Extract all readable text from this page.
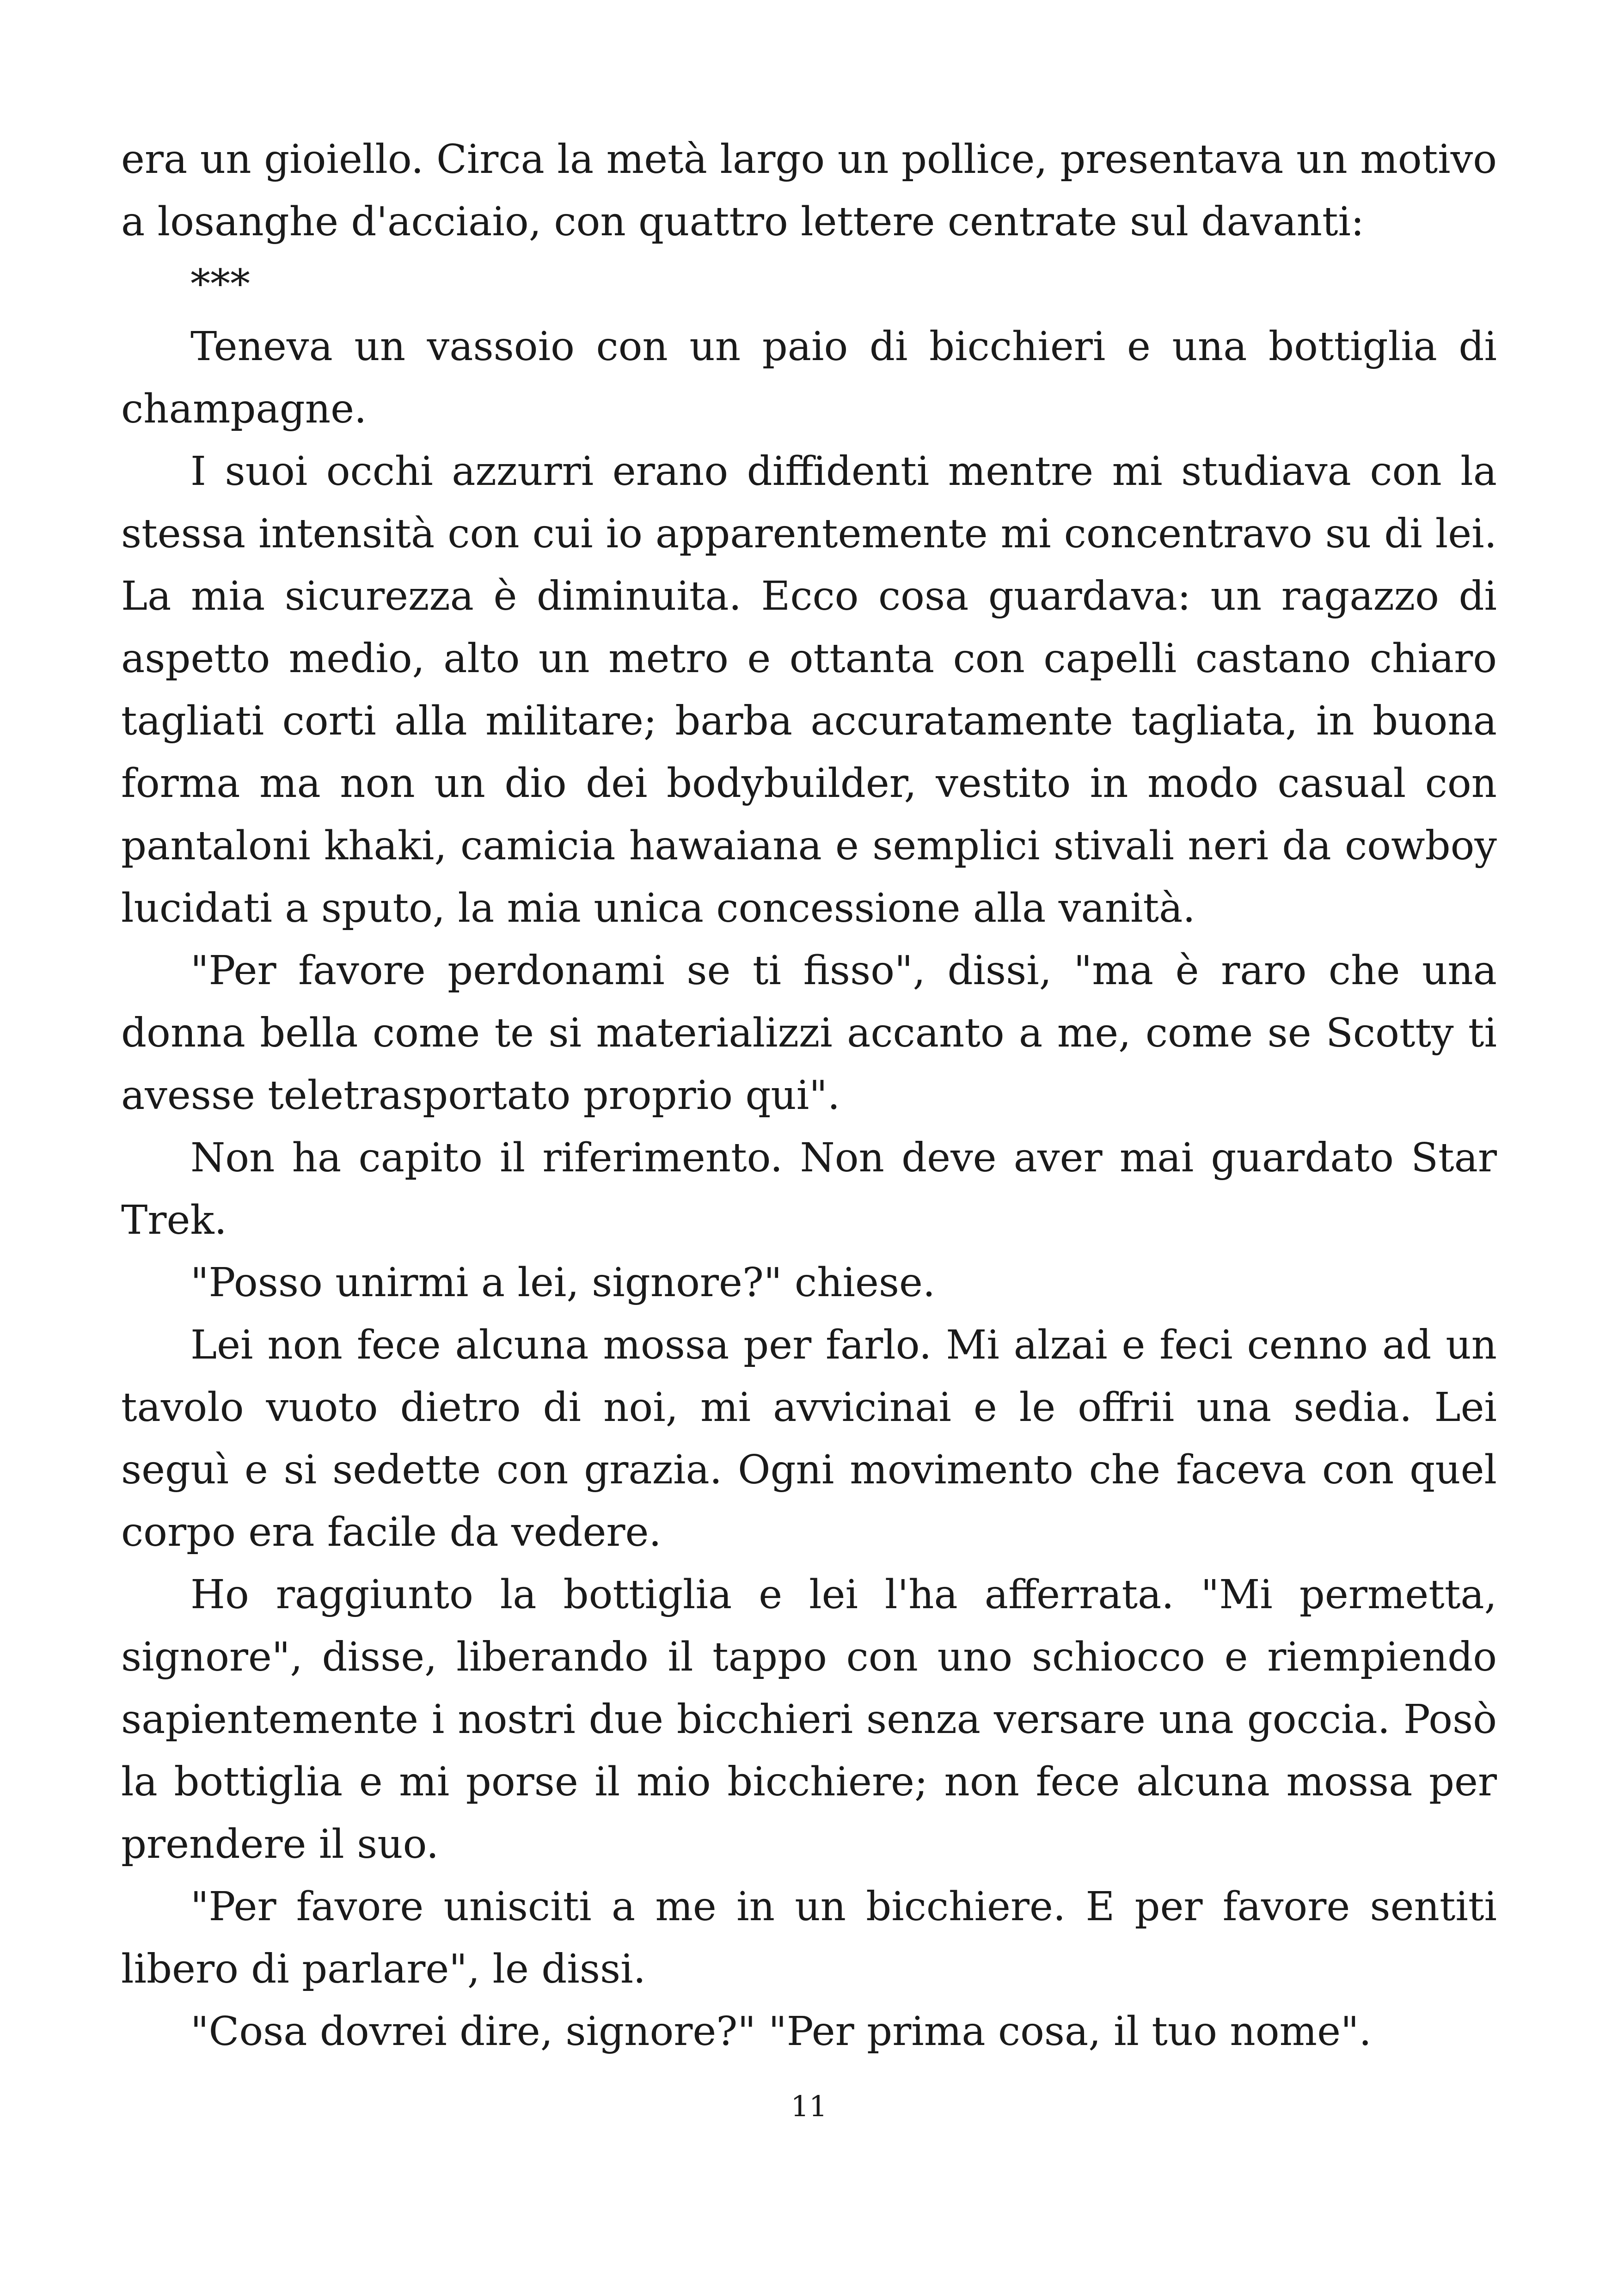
era un gioiello. Circa la metà largo un pollice, presentava un motivo a losanghe d'acciaio, con quattro lettere centrate sul davanti:

***

Teneva un vassoio con un paio di bicchieri e una bottiglia di champagne.

I suoi occhi azzurri erano diffidenti mentre mi studiava con la stessa intensità con cui io apparentemente mi concentravo su di lei. La mia sicurezza è diminuita. Ecco cosa guardava: un ragazzo di aspetto medio, alto un metro e ottanta con capelli castano chiaro tagliati corti alla militare; barba accuratamente tagliata, in buona forma ma non un dio dei bodybuilder, vestito in modo casual con pantaloni khaki, camicia hawaiana e semplici stivali neri da cowboy lucidati a sputo, la mia unica concessione alla vanità.

"Per favore perdonami se ti fisso", dissi, "ma è raro che una donna bella come te si materializzi accanto a me, come se Scotty ti avesse teletrasportato proprio qui".

Non ha capito il riferimento. Non deve aver mai guardato Star Trek.

"Posso unirmi a lei, signore?" chiese.

Lei non fece alcuna mossa per farlo. Mi alzai e feci cenno ad un tavolo vuoto dietro di noi, mi avvicinai e le offrii una sedia. Lei seguì e si sedette con grazia. Ogni movimento che faceva con quel corpo era facile da vedere.

Ho raggiunto la bottiglia e lei l'ha afferrata. "Mi permetta, signore", disse, liberando il tappo con uno schiocco e riempiendo sapientemente i nostri due bicchieri senza versare una goccia. Posò la bottiglia e mi porse il mio bicchiere; non fece alcuna mossa per prendere il suo.

"Per favore unisciti a me in un bicchiere. E per favore sentiti libero di parlare", le dissi.

"Cosa dovrei dire, signore?" "Per prima cosa, il tuo nome".

11
